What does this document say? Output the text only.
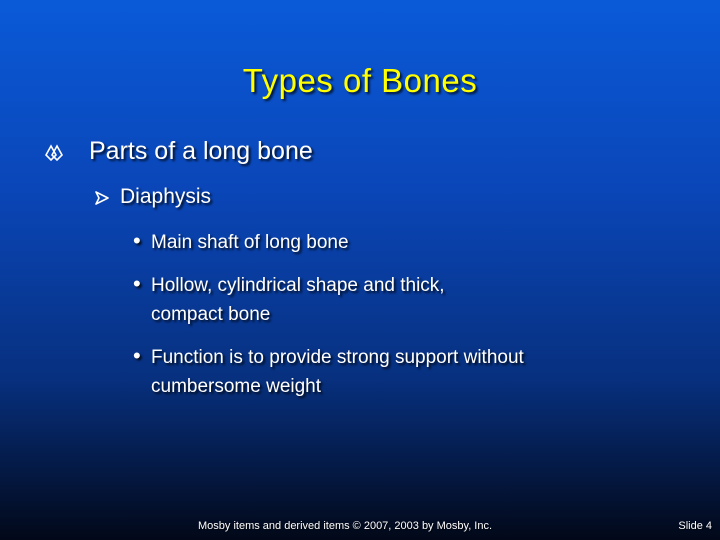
Types of Bones
Parts of a long bone
Diaphysis
• Main shaft of long bone
• Hollow, cylindrical shape and thick,
compact bone
• Function is to provide strong support without
cumbersome weight
Mosby items and derived items © 2007, 2003 by Mosby, Inc.	Slide 4
